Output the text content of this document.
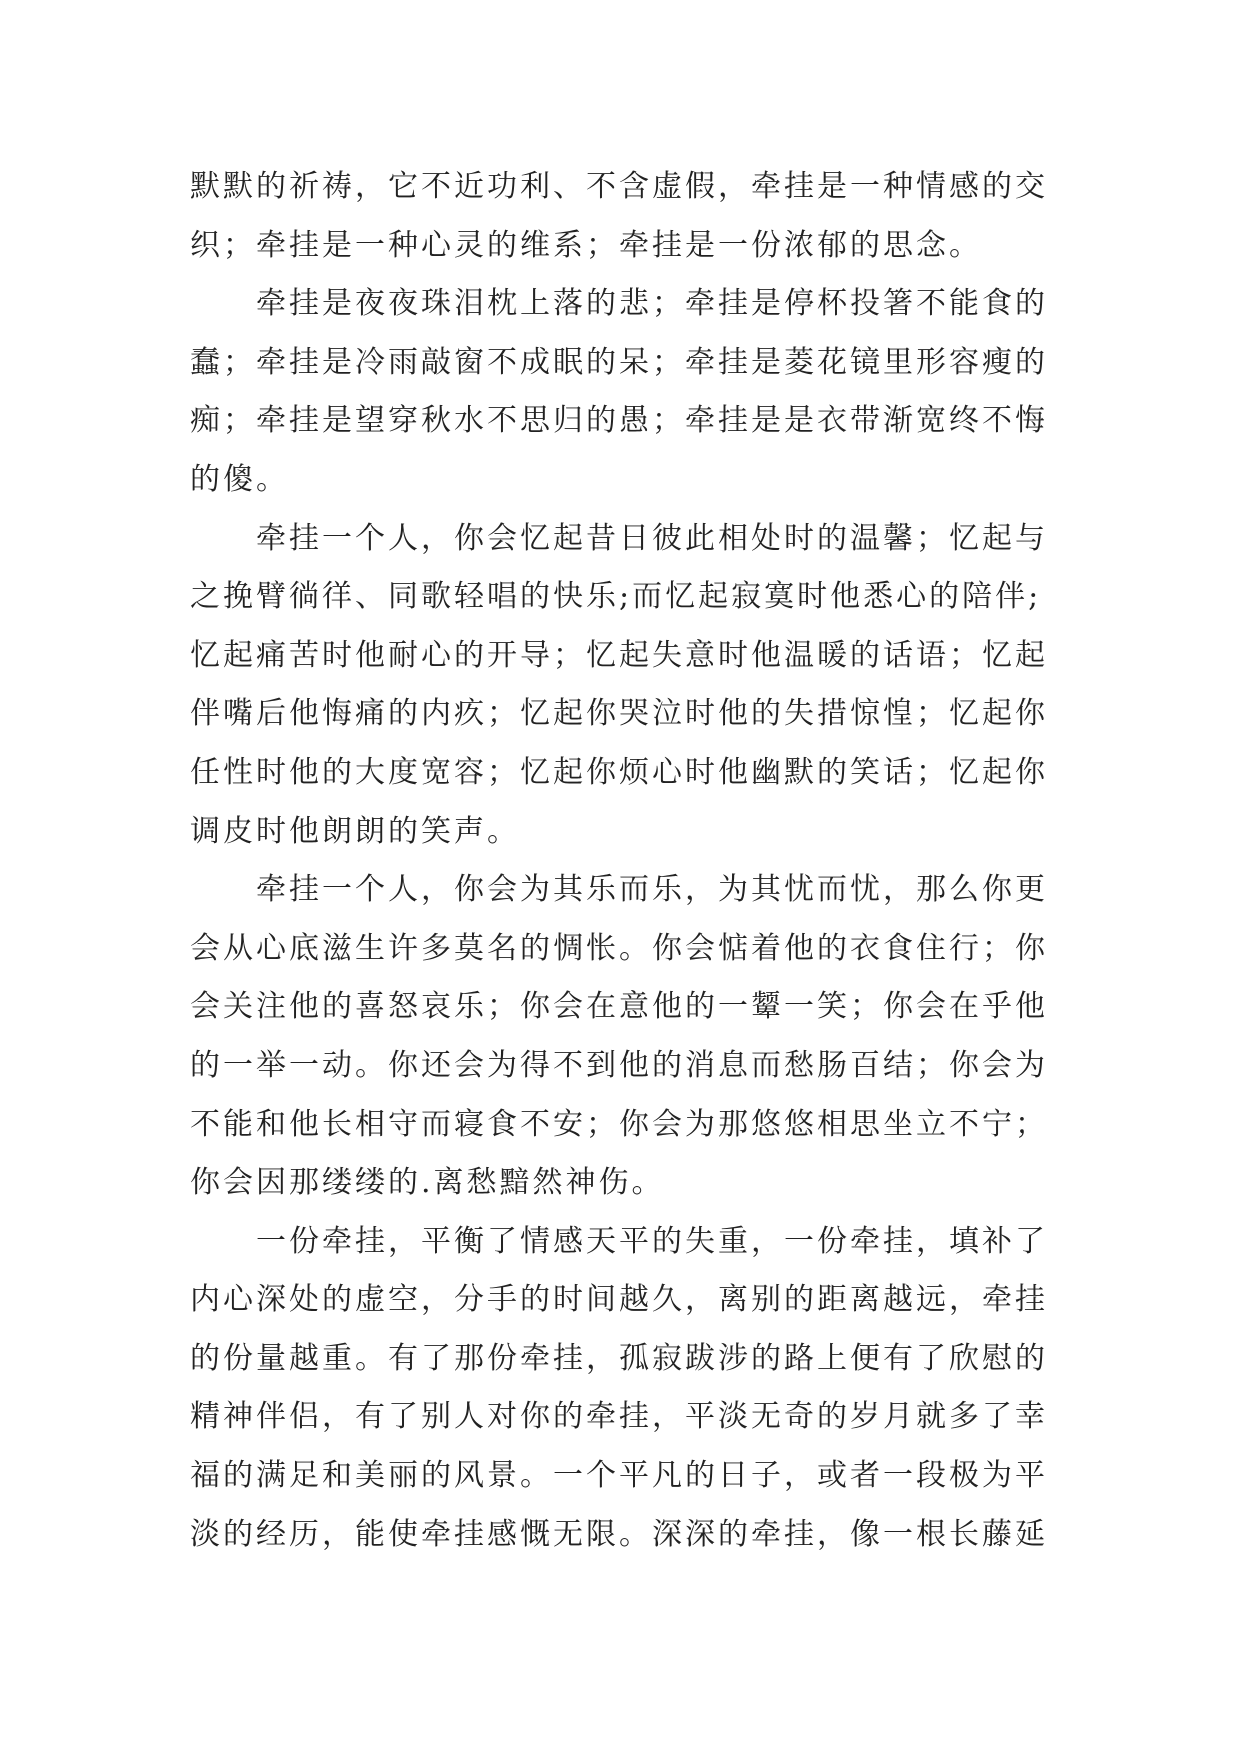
默默的祈祷，它不近功利、不含虚假，牵挂是一种情感的交
织；牵挂是一种心灵的维系；牵挂是一份浓郁的思念。
牵挂是夜夜珠泪枕上落的悲；牵挂是停杯投箸不能食的
蠢；牵挂是冷雨敲窗不成眠的呆；牵挂是菱花镜里形容瘦的
痴；牵挂是望穿秋水不思归的愚；牵挂是是衣带渐宽终不悔
的傻。
牵挂一个人，你会忆起昔日彼此相处时的温馨；忆起与
之挽臂徜徉、同歌轻唱的快乐;而忆起寂寞时他悉心的陪伴;
忆起痛苦时他耐心的开导；忆起失意时他温暖的话语；忆起
伴嘴后他悔痛的内疚；忆起你哭泣时他的失措惊惶；忆起你
任性时他的大度宽容；忆起你烦心时他幽默的笑话；忆起你
调皮时他朗朗的笑声。
牵挂一个人，你会为其乐而乐，为其忧而忧，那么你更
会从心底滋生许多莫名的惆怅。你会惦着他的衣食住行；你
会关注他的喜怒哀乐；你会在意他的一颦一笑；你会在乎他
的一举一动。你还会为得不到他的消息而愁肠百结；你会为
不能和他长相守而寝食不安；你会为那悠悠相思坐立不宁；
你会因那缕缕的.离愁黯然神伤。
一份牵挂，平衡了情感天平的失重，一份牵挂，填补了
内心深处的虚空，分手的时间越久，离别的距离越远，牵挂
的份量越重。有了那份牵挂，孤寂跋涉的路上便有了欣慰的
精神伴侣，有了别人对你的牵挂，平淡无奇的岁月就多了幸
福的满足和美丽的风景。一个平凡的日子，或者一段极为平
淡的经历，能使牵挂感慨无限。深深的牵挂，像一根长藤延
